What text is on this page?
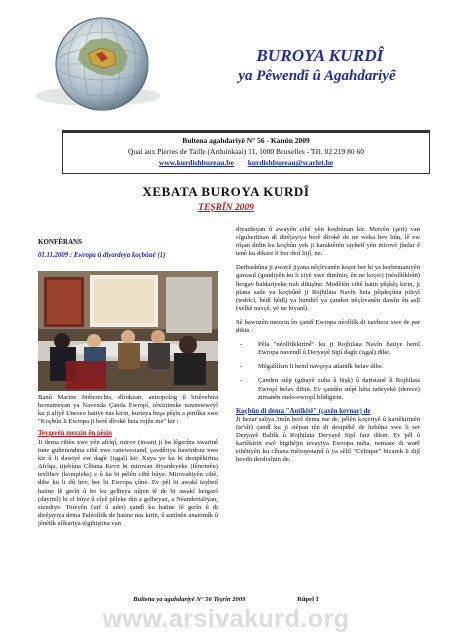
BUROYA KURDÎ
ya Pêwendî û Agahdariyê
Bultena agahdariyê N° 56 - Kanûn 2009
Quai aux Pierres de Taille (Arduinkaai) 11, 1000 Bruxelles - Têl. 02 219 80 60
www.kurdishbureau.be kurdishbureau@scarlet.be
XEBATA BUROYA KURDÎ
TEŞRÎN 2009
KONFÊRANS
01.11.2009 : Ewropa û diyardeya koçbûnê (1)
Banû Marine Imberechts, dîrokzan, antropolog û birêvebira bernameyan ya Navenda Çanda Ewropî, rêxistineke navneteweyî ku ji aliyê Unesco hatiye nas kirin, kurteya beşa pêşîn a pirtûka xwe "Koçbûn li Ewropa ji berê dîrokê heta rojên me" kir :
Tevgerên mezzin ên pêşîn
Ji dema rihên xwe yên afrîqî, mirov (insan) ji bo lêgerîna xwarinê tune guherandina cihê xwe ranewestand, çavdêriya hawirdora xwe kir û li dawiyê ew dagîr (işgal) kir. Xuya ye ku bi destpêkirina Afrîqa, tijebûna Cîhana Kevn bi mirovan diyardeyeke (fênomên) tevlihev (kompleks) e û ku bi pêlên cihê bûye. Mirovahiyên cihê, dibe ku li dû hev, ber bi Ewropa çûne. Ev pêl bi awakî taybetî hatine lê gerîn û bo ku gelheya nûjen tê de bi awakî hergavî (dayimî) bi cî bûye û cîyê pêleke din a gelheyan, a Néandertaliyan, stendiye. Toreyên (urf û adet) çandî ku hatine lê gerîn û di dirêjayiya dema Paléolîtîk de hatine nas kirin, û zanînên anatomîk û jênêtîk alîkariya têgihiştina van
diyardeyan û awayên cihê yên koçbûnan kir. Mercên (şert) van cîguhertinan di dirêjayiya berê dîrokê de ne weka hev bûn, lê ew nîşan didin ku koçbûn yek ji karaktêrên taybetî yên mirovê jîndar ê tenê ku dikare li her derî bijî, ne.
Derbasbûna ji awayê jiyana nêçîrvanên koçer ber bi ya berhemaniyên gawastî (gundiyên ku li ciyê xwe dimînin, ên ne koçer) (néolîtîkbûn) hergav baldariyeke nuh dikişîne. Modêlên cihê hatin pêşkêş kirin, ji plana sade ya koçbûnê ji Rojhilata Navîn heta pêşdeçûna pileyî (tedrîcî, hêdî hêdî) ya hundirî ya çanden nêçîrvanên dawîn ên asîl (xelkê navçê, yê ne biyanî).
Sê hawuzên mezzin ên çandî Ewropa néolîtîk di navbera xwe de par dikin :
- Pêla "néolîtîkkirinê" ku ji Rojhilata Navîn hatiye hemî Ewropa navendî û Deryayê Sipî dagîr (işgal) dike.
- Mêgalîtîsm li hemî navçeya atlantîk belav dibe.
- Çanden stêp (gihayê zuha û hişk) û daristanê li Rojhilata Ewropî belav dibin. Ev çandên stêpî hêta radeyekê (derece) zimanên endo-ewropî bîldigirin.
Koçbûn di dema "Antîkitê" (çaxên kevnar) de
Ji hezar saliya 3mîn berê dema me de, pêlên koçeriyê û kartêkirinên (te'sîr) çandî ku ji stêpan tên di destpêkê de hebûna xwe li ser Deryayê Baltîk û Rojhilata Deryayê Sipî farz dikin. Ev pêl û kartêkirin ewê bigihêjin tevayiya Ewropa nuha, nemaze di warê cihêtiyên ku cîhana mêzopotamî û ya sêltî "Celtique" bicarek li dijî hevdu derdixînin de.
Bultena ya agahdariyê N° 56 Teşrîn 2009	Rûpel 1
www.arsivakurd.org
